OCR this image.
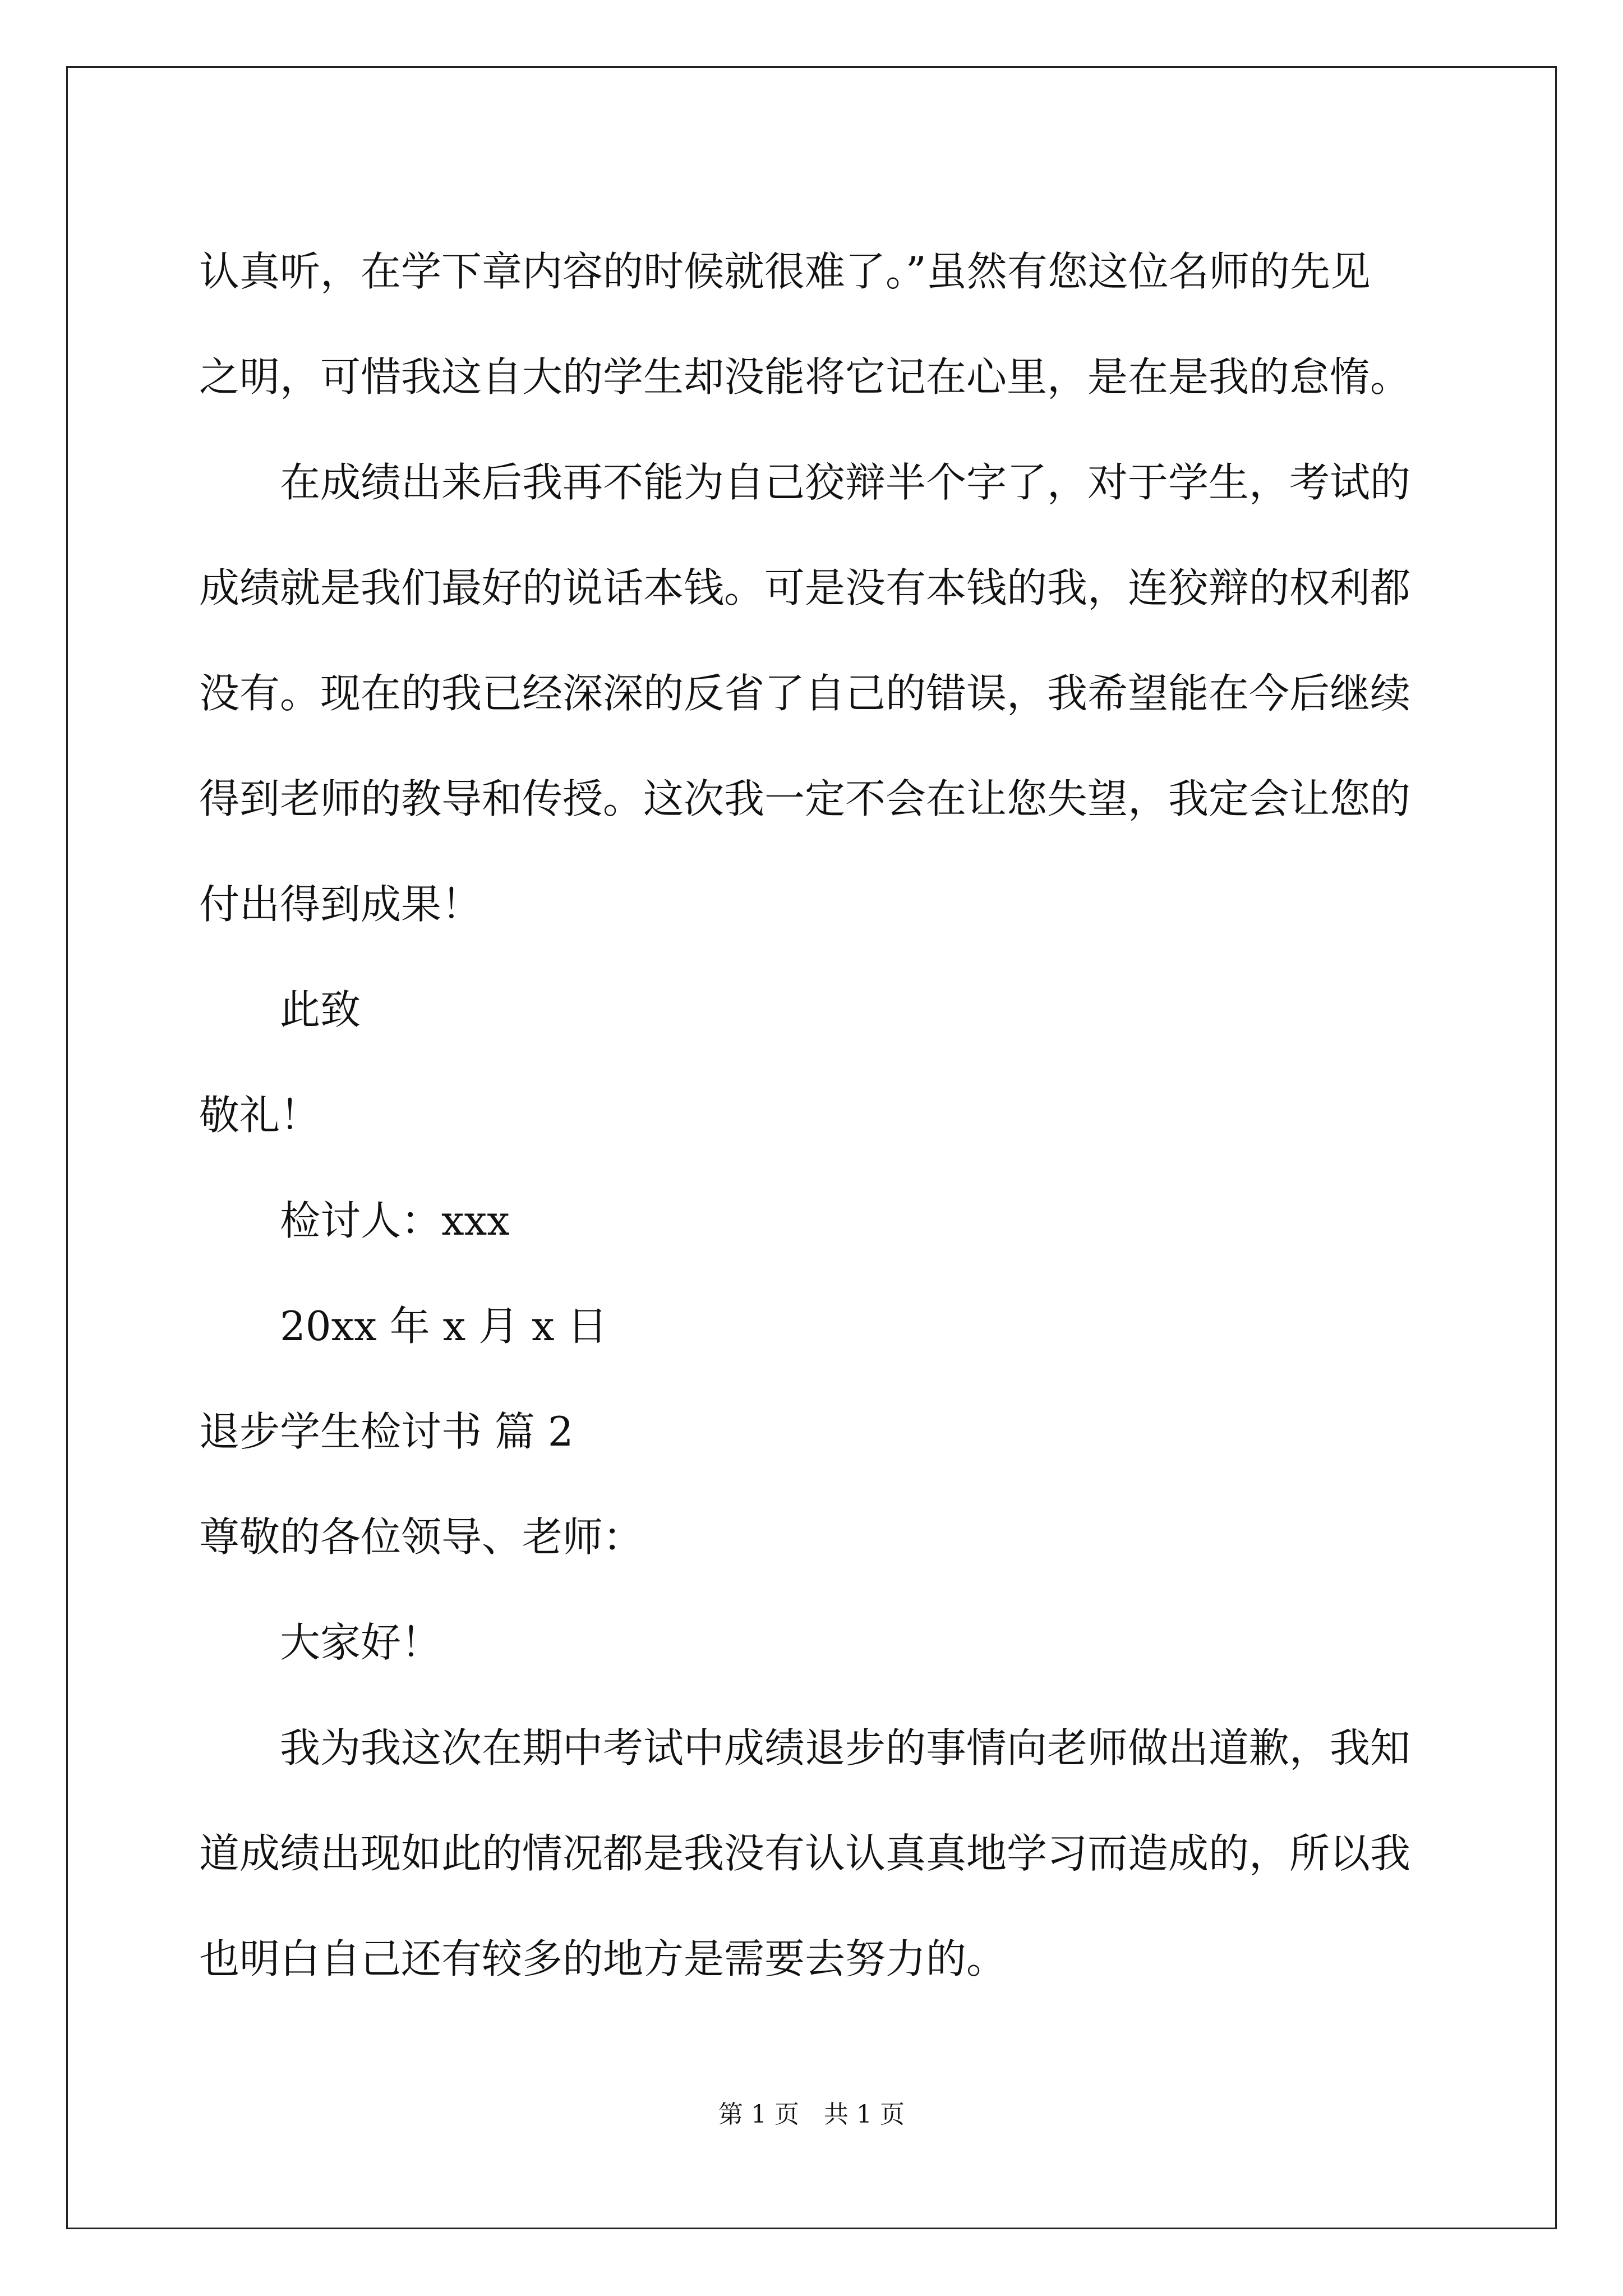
认真听，在学下章内容的时候就很难了。”虽然有您这位名师的先见
之明，可惜我这自大的学生却没能将它记在心里，是在是我的怠惰。
在成绩出来后我再不能为自己狡辩半个字了，对于学生，考试的
成绩就是我们最好的说话本钱。可是没有本钱的我，连狡辩的权利都
没有。现在的我已经深深的反省了自己的错误，我希望能在今后继续
得到老师的教导和传授。这次我一定不会在让您失望，我定会让您的
付出得到成果！
此致
敬礼！
检讨人：xxx
20xx 年 x 月 x 日
退步学生检讨书 篇 2
尊敬的各位领导、老师：
大家好！
我为我这次在期中考试中成绩退步的事情向老师做出道歉，我知
道成绩出现如此的情况都是我没有认认真真地学习而造成的，所以我
也明白自己还有较多的地方是需要去努力的。
第 1 页　共 1 页
